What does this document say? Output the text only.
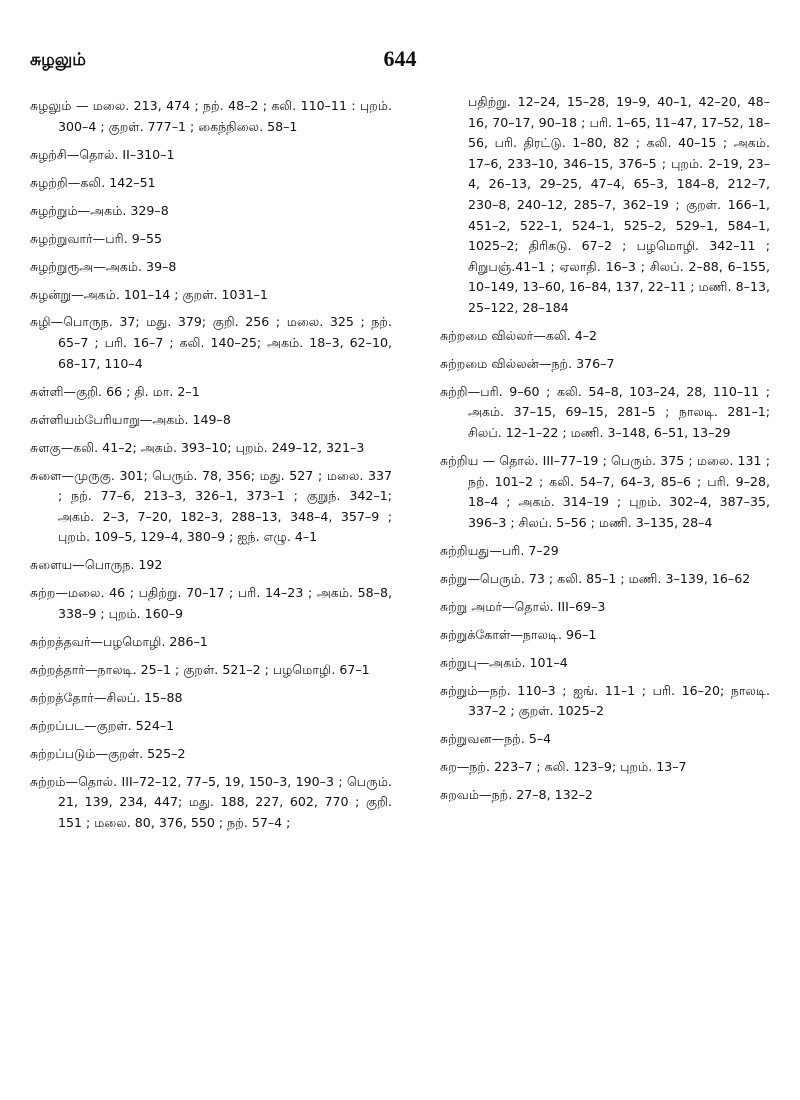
சுழலும்	644

சுழலும் — மலை. 213, 474 ; நற். 48–2 ; கலி. 110–11 : புறம். 300–4 ; குறள். 777–1 ; கைந்நிலை. 58–1

சுழற்சி—தொல். II–310–1

சுழற்றி—கலி. 142–51

சுழற்றும்—அகம். 329–8

சுழற்றுவார்—பரி. 9–55

சுழற்றுரூஅ—அகம். 39–8

சுழன்று—அகம். 101–14 ; குறள். 1031–1

சுழி—பொருந. 37; மது. 379; குறி. 256 ; மலை. 325 ; நற். 65–7 ; பரி. 16–7 ; கலி. 140–25; அகம். 18–3, 62–10, 68–17, 110–4

சுள்ளி—குறி. 66 ; தி. மா. 2–1

சுள்ளியம்பேரியாறு—அகம். 149–8

சுளகு—கலி. 41–2; அகம். 393–10; புறம். 249–12, 321–3

சுளை—முருகு. 301; பெரும். 78, 356; மது. 527 ; மலை. 337 ; நற். 77–6, 213–3, 326–1, 373–1 ; குறுந். 342–1; அகம். 2–3, 7–20, 182–3, 288–13, 348–4, 357–9 ; புறம். 109–5, 129–4, 380–9 ; ஐந். எழு. 4–1

சுளைய—பொருந. 192

சுற்ற—மலை. 46 ; பதிற்று. 70–17 ; பரி. 14–23 ; அகம். 58–8, 338–9 ; புறம். 160–9

சுற்றத்தவர்—பழமொழி. 286–1

சுற்றத்தார்—நாலடி. 25–1 ; குறள். 521–2 ; பழமொழி. 67–1

சுற்றத்தோர்—சிலப். 15–88

சுற்றப்பட—குறள். 524–1

சுற்றப்படும்—குறள். 525–2

சுற்றம்—தொல். III–72–12, 77–5, 19, 150–3, 190–3 ; பெரும். 21, 139, 234, 447; மது. 188, 227, 602, 770 ; குறி. 151 ; மலை. 80, 376, 550 ; நற். 57–4 ;

பதிற்று. 12–24, 15–28, 19–9, 40–1, 42–20, 48–16, 70–17, 90–18 ; பரி. 1–65, 11–47, 17–52, 18–56, பரி. திரட்டு. 1–80, 82 ; கலி. 40–15 ; அகம். 17–6, 233–10, 346–15, 376–5 ; புறம். 2–19, 23–4, 26–13, 29–25, 47–4, 65–3, 184–8, 212–7, 230–8, 240–12, 285–7, 362–19 ; குறள். 166–1, 451–2, 522–1, 524–1, 525–2, 529–1, 584–1, 1025–2; திரிகடு. 67–2 ; பழமொழி. 342–11 ; சிறுபஞ்.41–1 ; ஏலாதி. 16–3 ; சிலப். 2–88, 6–155, 10–149, 13–60, 16–84, 137, 22–11 ; மணி. 8–13, 25–122, 28–184

சுற்றமை வில்லர்—கலி. 4–2

சுற்றமை வில்லன்—நற். 376–7

சுற்றி—பரி. 9–60 ; கலி. 54–8, 103–24, 28, 110–11 ; அகம். 37–15, 69–15, 281–5 ; நாலடி. 281–1; சிலப். 12–1–22 ; மணி. 3–148, 6–51, 13–29

சுற்றிய — தொல். III–77–19 ; பெரும். 375 ; மலை. 131 ; நற். 101–2 ; கலி. 54–7, 64–3, 85–6 ; பரி. 9–28, 18–4 ; அகம். 314–19 ; புறம். 302–4, 387–35, 396–3 ; சிலப். 5–56 ; மணி. 3–135, 28–4

சுற்றியது—பரி. 7–29

சுற்று—பெரும். 73 ; கலி. 85–1 ; மணி. 3–139, 16–62

சுற்று அமர்—தொல். III–69–3

சுற்றுக்கோள்—நாலடி. 96–1

சுற்றுபு—அகம். 101–4

சுற்றும்—நற். 110–3 ; ஐங். 11–1 ; பரி. 16–20; நாலடி. 337–2 ; குறள். 1025–2

சுற்றுவன—நற். 5–4

சுற—நற். 223–7 ; கலி. 123–9; புறம். 13–7

சுறவம்—நற். 27–8, 132–2
